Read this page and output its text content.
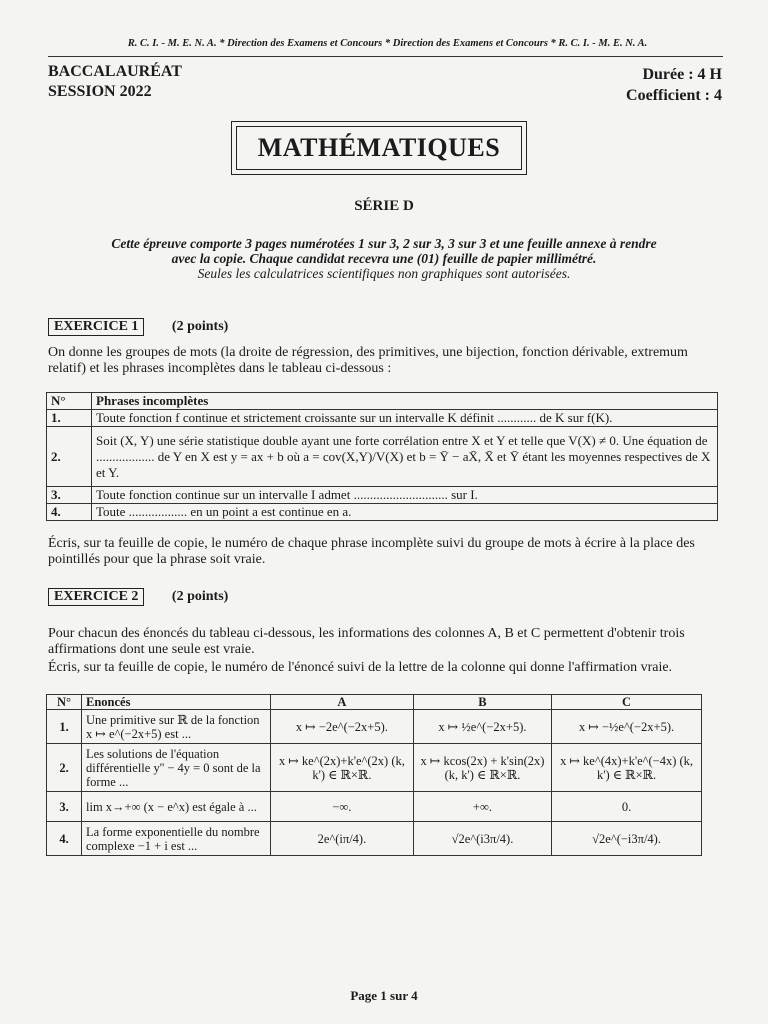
R. C. I. - M. E. N. A. * Direction des Examens et Concours * Direction des Examens et Concours * R. C. I. - M. E. N. A.
BACCALAURÉAT
SESSION 2022
Durée : 4 H
Coefficient : 4
MATHÉMATIQUES
SÉRIE D
Cette épreuve comporte 3 pages numérotées 1 sur 3, 2 sur 3, 3 sur 3 et une feuille annexe à rendre
avec la copie. Chaque candidat recevra une (01) feuille de papier millimétré.
Seules les calculatrices scientifiques non graphiques sont autorisées.
EXERCICE 1 (2 points)
On donne les groupes de mots (la droite de régression, des primitives, une bijection, fonction dérivable, extremum relatif) et les phrases incomplètes dans le tableau ci-dessous :
N°	Phrases incomplètes
1.	Toute fonction f continue et strictement croissante sur un intervalle K définit ............ de K sur f(K).
2.	Soit (X, Y) une série statistique double ayant une forte corrélation entre X et Y et telle que V(X) ≠ 0. Une équation de .................. de Y en X est y = ax + b où a = cov(X,Y)/V(X) et b = Ȳ − aX̄, X̄ et Ȳ étant les moyennes respectives de X et Y.
3.	Toute fonction continue sur un intervalle I admet ............................. sur I.
4.	Toute .................. en un point a est continue en a.
Écris, sur ta feuille de copie, le numéro de chaque phrase incomplète suivi du groupe de mots à écrire à la place des pointillés pour que la phrase soit vraie.
EXERCICE 2 (2 points)
Pour chacun des énoncés du tableau ci-dessous, les informations des colonnes A, B et C permettent d'obtenir trois affirmations dont une seule est vraie.
Écris, sur ta feuille de copie, le numéro de l'énoncé suivi de la lettre de la colonne qui donne l'affirmation vraie.
N°	Enoncés	A	B	C
1.	Une primitive sur ℝ de la fonction x ↦ e^(−2x+5) est ...	x ↦ −2e^(−2x+5).	x ↦ ½e^(−2x+5).	x ↦ −½e^(−2x+5).
2.	Les solutions de l'équation différentielle y'' − 4y = 0 sont de la forme ...	x ↦ ke^(2x)+k'e^(2x) (k, k') ∈ ℝ×ℝ.	x ↦ kcos(2x) + k'sin(2x) (k, k') ∈ ℝ×ℝ.	x ↦ ke^(4x)+k'e^(−4x) (k, k') ∈ ℝ×ℝ.
3.	lim x→+∞ (x − e^x) est égale à ...	−∞.	+∞.	0.
4.	La forme exponentielle du nombre complexe −1 + i est ...	2e^(iπ/4).	√2e^(i3π/4).	√2e^(−i3π/4).
Page 1 sur 4
